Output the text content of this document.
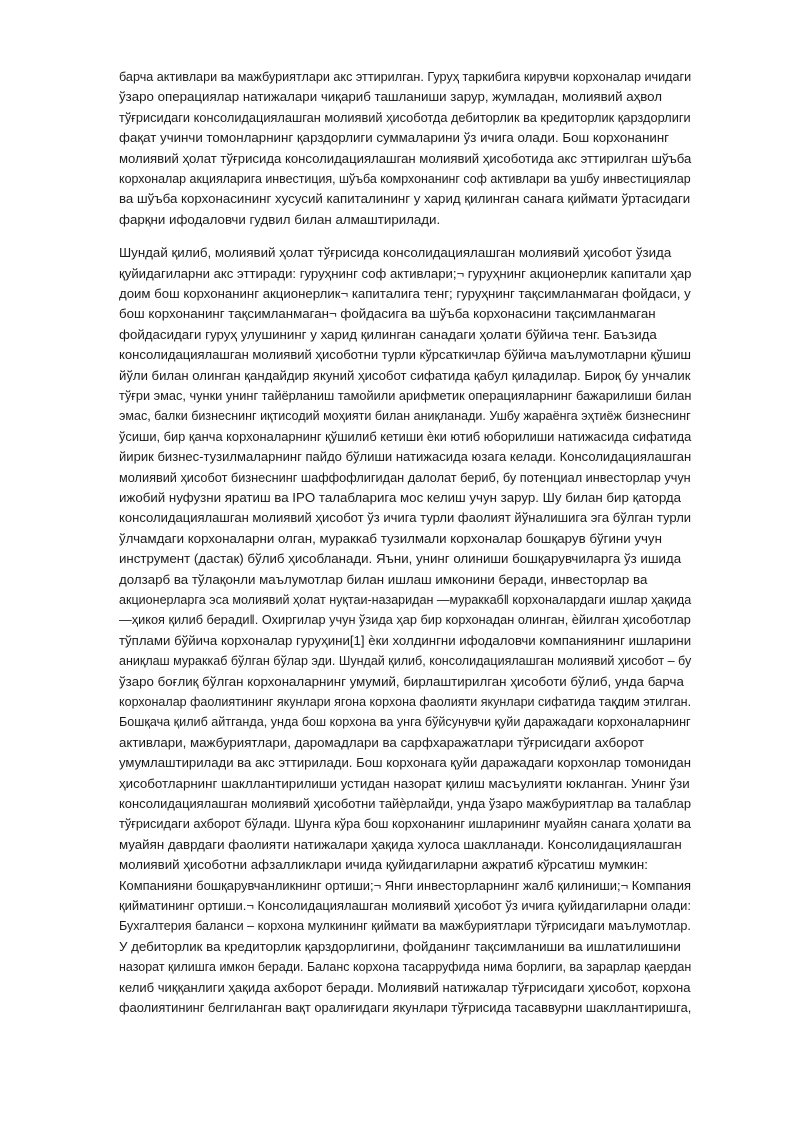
барча активлари ва мажбуриятлари акс эттирилган. Гуруҳ таркибига кирувчи корхоналар ичидаги

ўзаро операциялар натижалари чиқариб ташланиши зарур, жумладан, молиявий аҳвол

тўғрисидаги консолидациялашган молиявий ҳисоботда дебиторлик ва кредиторлик қарздорлиги

фақат учинчи томонларнинг қарздорлиги суммаларини ўз ичига олади. Бош корхонанинг

молиявий ҳолат тўғрисида консолидациялашган молиявий ҳисоботида акс эттирилган шўъба

корхоналар акцияларига инвестиция, шўъба комрхонанинг соф активлари ва ушбу инвестициялар

ва шўъба корхонасининг хусусий капиталининг у харид қилинган санага қиймати ўртасидаги

фарқни ифодаловчи гудвил билан алмаштирилади.

Шундай қилиб, молиявий ҳолат тўғрисида консолидациялашган молиявий ҳисобот ўзида

қуйидагиларни акс эттиради: гуруҳнинг соф активлари;¬ гуруҳнинг акционерлик капитали ҳар

доим бош корхонанинг акционерлик¬ капиталига тенг; гуруҳнинг тақсимланмаган фойдаси, у

бош корхонанинг тақсимланмаган¬ фойдасига ва шўъба корхонасини тақсимланмаган

фойдасидаги гуруҳ улушининг у харид қилинган санадаги ҳолати бўйича тенг. Баъзида

консолидациялашган молиявий ҳисоботни турли кўрсаткичлар бўйича маълумотларни қўшиш

йўли билан олинган қандайдир якуний ҳисобот сифатида қабул қиладилар. Бироқ бу унчалик

тўғри эмас, чунки унинг тайёрланиш тамойили арифметик операцияларнинг бажарилиши билан

эмас, балки бизнеснинг иқтисодий моҳияти билан аниқланади. Ушбу жараёнга эҳтиёж бизнеснинг

ўсиши, бир қанча корхоналарнинг қўшилиб кетиши ѐки ютиб юборилиши натижасида сифатида

йирик бизнес-тузилмаларнинг пайдо бўлиши натижасида юзага келади. Консолидациялашган

молиявий ҳисобот бизнеснинг шаффофлигидан далолат бериб, бу потенциал инвесторлар учун

ижобий нуфузни яратиш ва IPO талабларига мос келиш учун зарур. Шу билан бир қаторда

консолидациялашган молиявий ҳисобот ўз ичига турли фаолият йўналишига эга бўлган турли

ўлчамдаги корхоналарни олган, мураккаб тузилмали корхоналар бошқарув бўгини учун

инструмент (дастак) бўлиб ҳисобланади. Яъни, унинг олиниши бошқарувчиларга ўз ишида

долзарб ва тўлақонли маълумотлар билан ишлаш имконини беради, инвесторлар ва

акционерларга эса молиявий ҳолат нуқтаи-назаридан ―мураккаб‖ корхоналардаги ишлар ҳақида

―ҳикоя қилиб беради‖. Охиргилар учун ўзида ҳар бир корхонадан олинган, ѐйилган ҳисоботлар

тўплами бўйича корхоналар гуруҳини[1] ѐки холдингни ифодаловчи компаниянинг ишларини

аниқлаш мураккаб бўлган бўлар эди. Шундай қилиб, консолидациялашган молиявий ҳисобот – бу

ўзаро боғлиқ бўлган корхоналарнинг умумий, бирлаштирилган ҳисоботи бўлиб, унда барча

корхоналар фаолиятининг якунлари ягона корхона фаолияти якунлари сифатида тақдим этилган.

Бошқача қилиб айтганда, унда бош корхона ва унга бўйсунувчи қуйи даражадаги корхоналарнинг

активлари, мажбуриятлари, даромадлари ва сарфхаражатлари тўғрисидаги ахборот

умумлаштирилади ва акс эттирилади. Бош корхонага қуйи даражадаги корхонлар томонидан

ҳисоботларнинг шакллантирилиши устидан назорат қилиш масъулияти юкланган. Унинг ўзи

консолидациялашган молиявий ҳисоботни тайѐрлайди, унда ўзаро мажбуриятлар ва талаблар

тўғрисидаги ахборот бўлади. Шунга кўра бош корхонанинг ишларининг муайян санага ҳолати ва

муайян даврдаги фаолияти натижалари ҳақида хулоса шаклланади. Консолидациялашган

молиявий ҳисоботни афзалликлари ичида қуйидагиларни ажратиб кўрсатиш мумкин:

Компанияни бошқарувчанликнинг ортиши;¬ Янги инвесторларнинг жалб қилиниши;¬ Компания

қийматининг ортиши.¬ Консолидациялашган молиявий ҳисобот ўз ичига қуйидагиларни олади:

Бухгалтерия баланси – корхона мулкининг қиймати ва мажбуриятлари тўғрисидаги маълумотлар.

У дебиторлик ва кредиторлик қарздорлигини, фойданинг тақсимланиши ва ишлатилишини

назорат қилишга имкон беради. Баланс корхона тасарруфида нима борлиги, ва зарарлар қаердан

келиб чиққанлиги ҳақида ахборот беради. Молиявий натижалар тўғрисидаги ҳисобот, корхона

фаолиятининг белгиланган вақт оралиғидаги якунлари тўғрисида тасаввурни шакллантиришга,
